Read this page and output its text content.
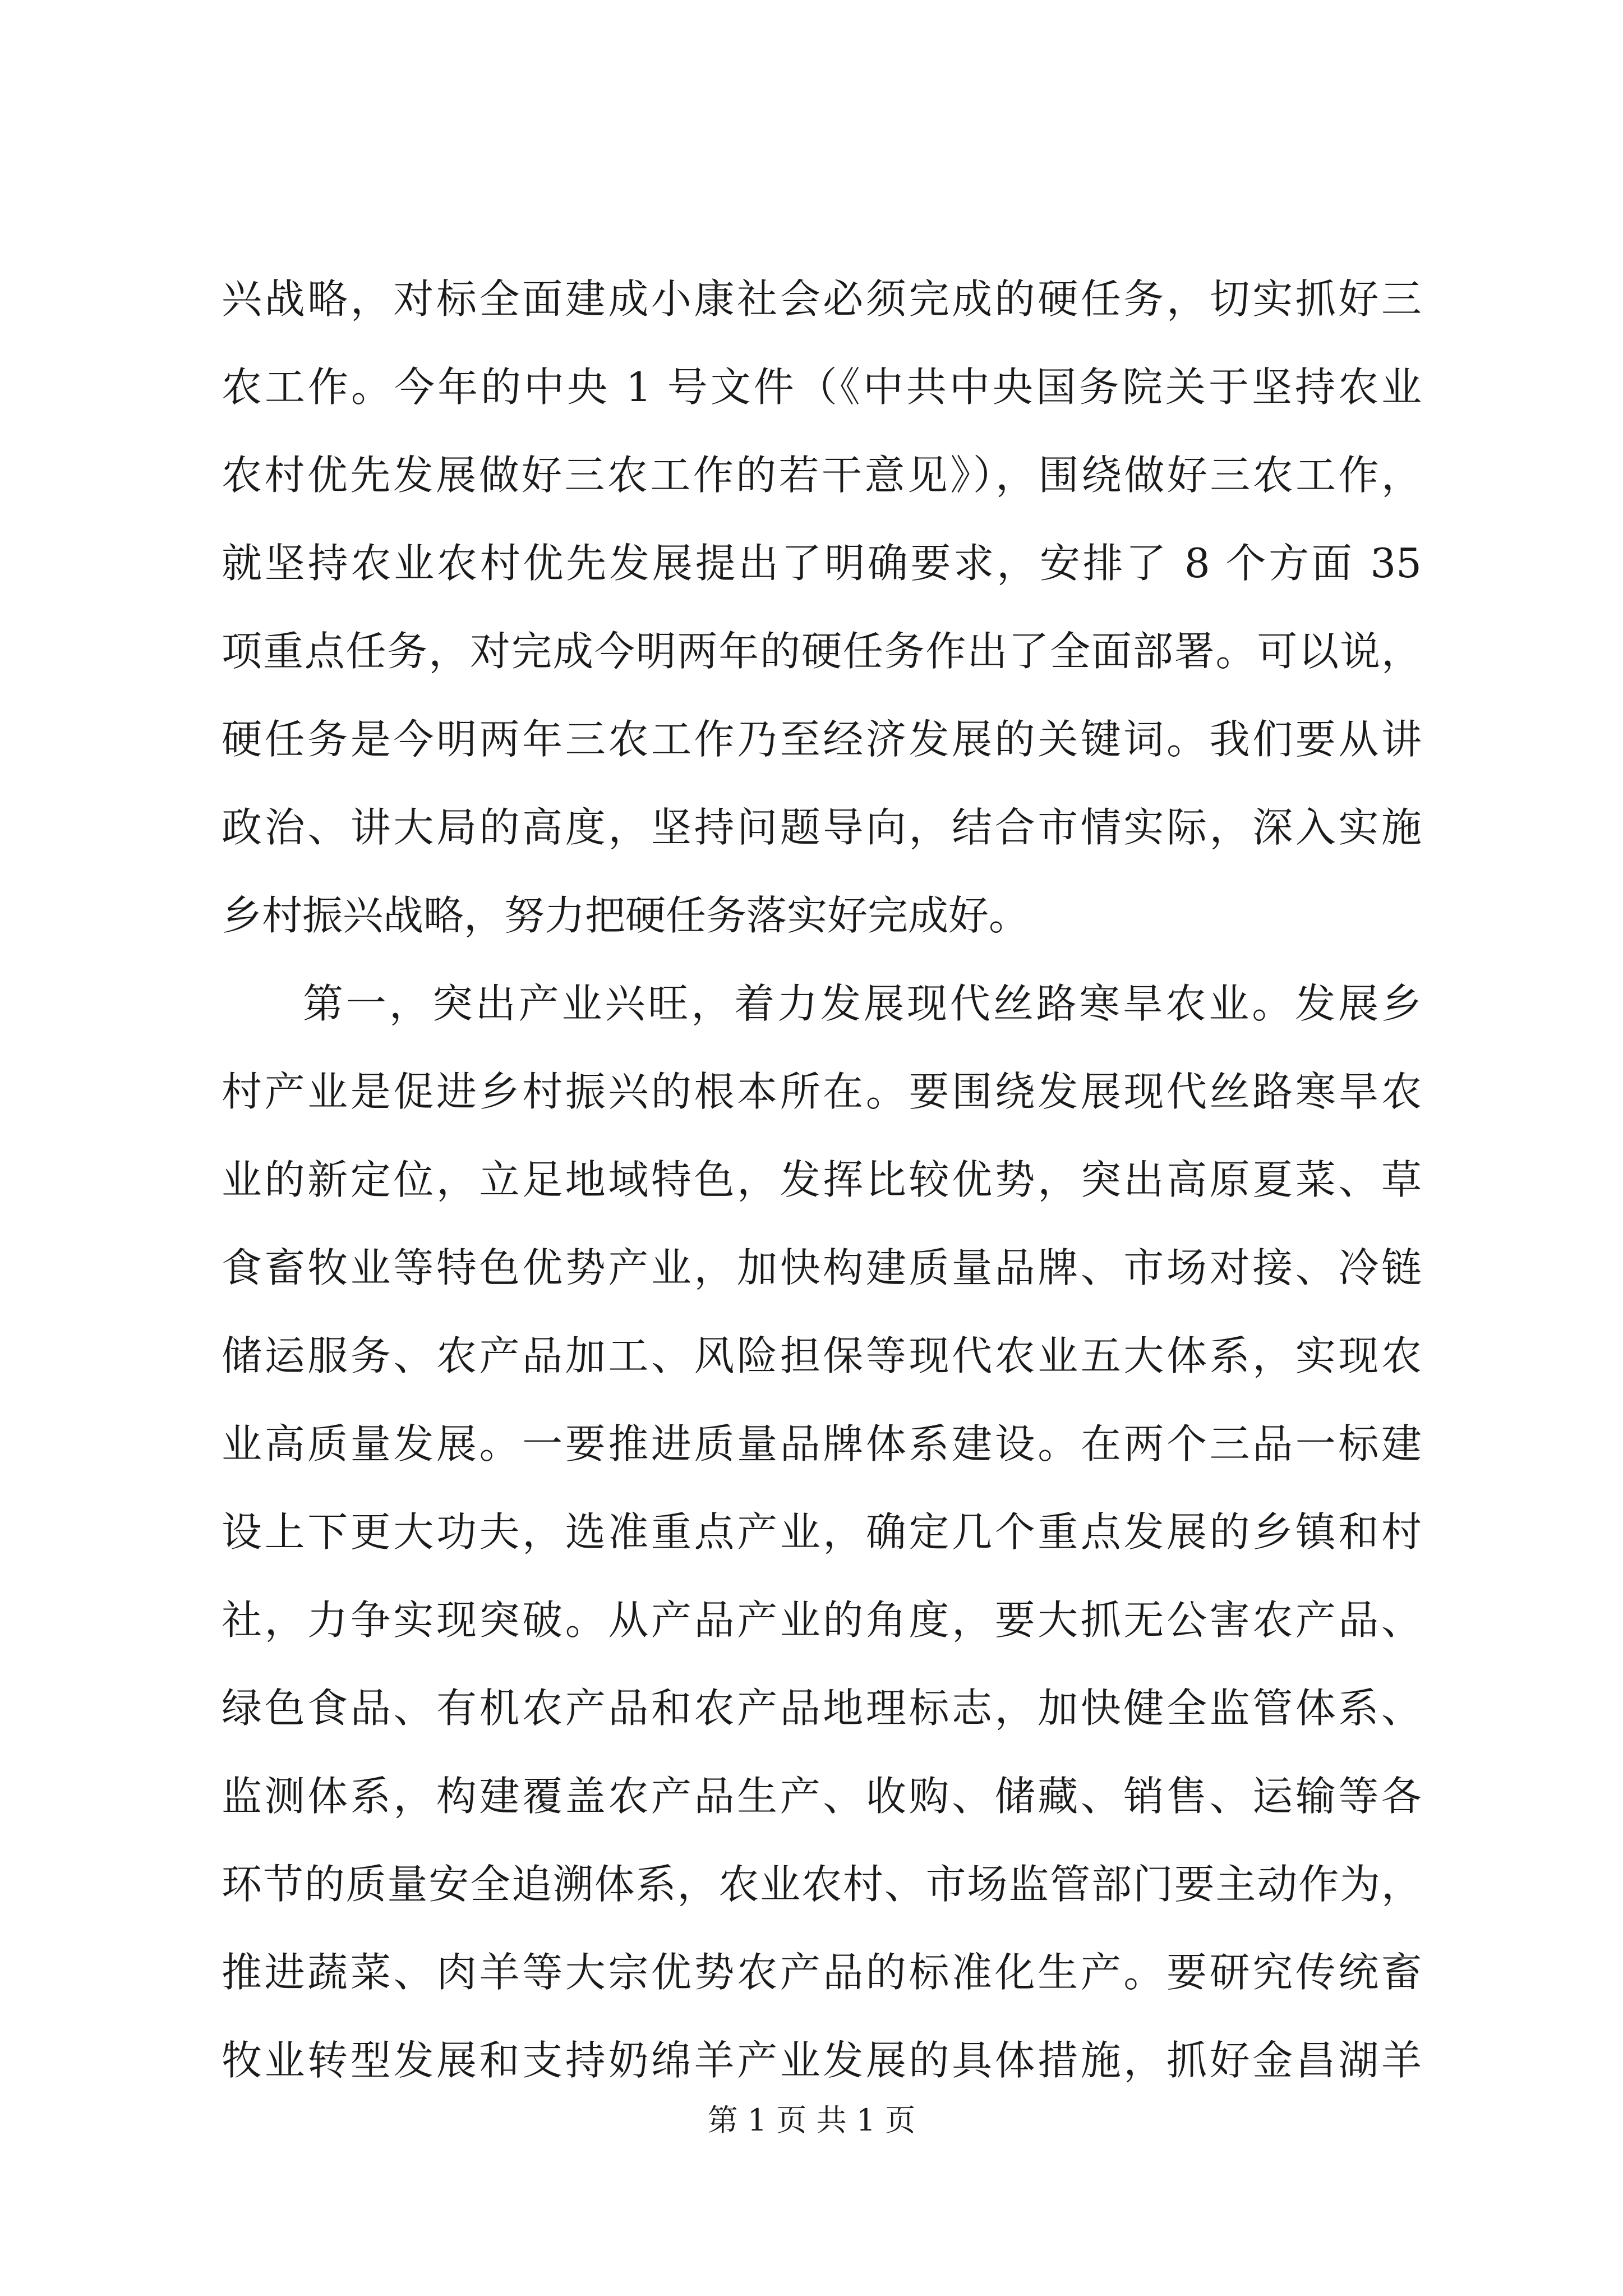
兴战略，对标全面建成小康社会必须完成的硬任务，切实抓好三
农工作。今年的中央 1 号文件（《中共中央国务院关于坚持农业
农村优先发展做好三农工作的若干意见》），围绕做好三农工作，
就坚持农业农村优先发展提出了明确要求，安排了 8 个方面 35
项重点任务，对完成今明两年的硬任务作出了全面部署。可以说，
硬任务是今明两年三农工作乃至经济发展的关键词。我们要从讲
政治、讲大局的高度，坚持问题导向，结合市情实际，深入实施
乡村振兴战略，努力把硬任务落实好完成好。
第一，突出产业兴旺，着力发展现代丝路寒旱农业。发展乡
村产业是促进乡村振兴的根本所在。要围绕发展现代丝路寒旱农
业的新定位，立足地域特色，发挥比较优势，突出高原夏菜、草
食畜牧业等特色优势产业，加快构建质量品牌、市场对接、冷链
储运服务、农产品加工、风险担保等现代农业五大体系，实现农
业高质量发展。一要推进质量品牌体系建设。在两个三品一标建
设上下更大功夫，选准重点产业，确定几个重点发展的乡镇和村
社，力争实现突破。从产品产业的角度，要大抓无公害农产品、
绿色食品、有机农产品和农产品地理标志，加快健全监管体系、
监测体系，构建覆盖农产品生产、收购、储藏、销售、运输等各
环节的质量安全追溯体系，农业农村、市场监管部门要主动作为，
推进蔬菜、肉羊等大宗优势农产品的标准化生产。要研究传统畜
牧业转型发展和支持奶绵羊产业发展的具体措施，抓好金昌湖羊
第 1 页 共 1 页
